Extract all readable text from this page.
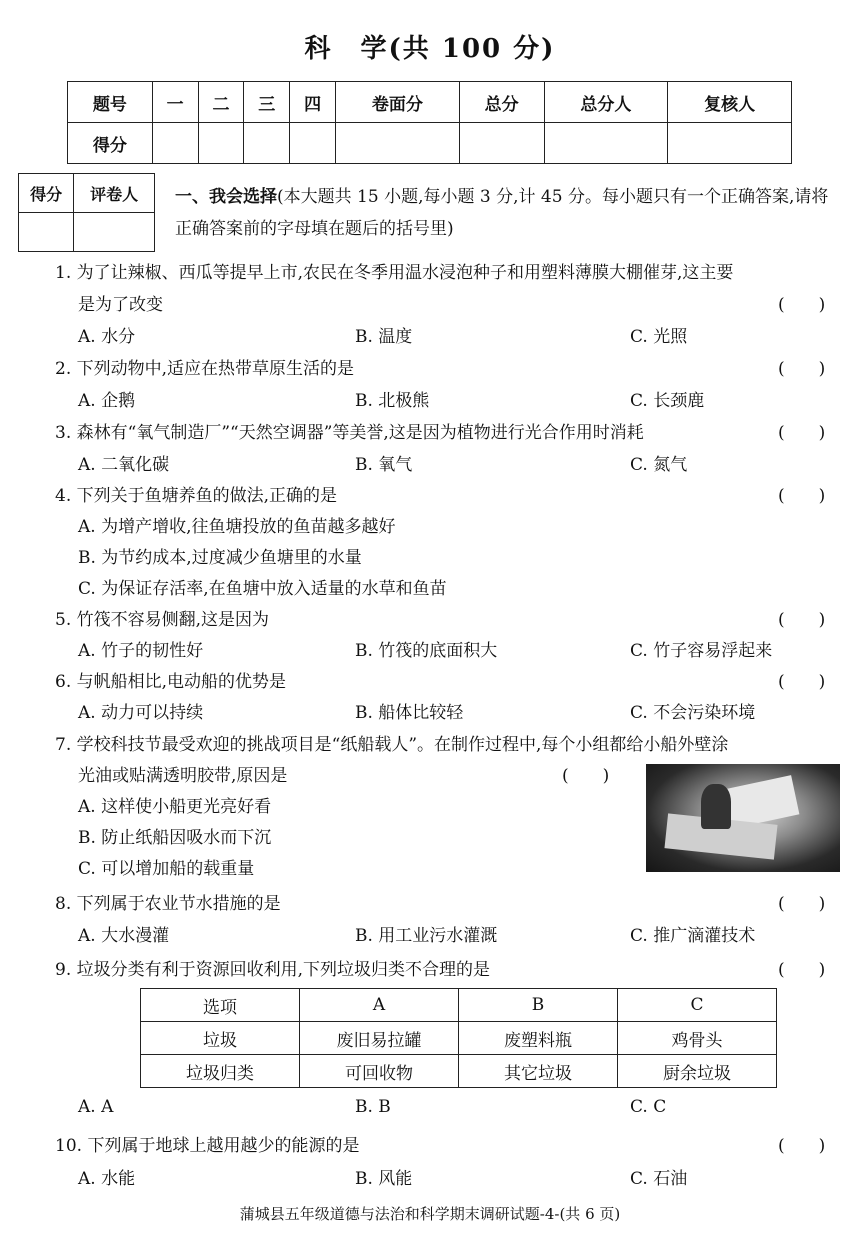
科　学(共 100 分)
题号	一	二	三	四	卷面分	总分	总分人	复核人
得分								
得分	评卷人
	一、我会选择(本大题共 15 小题,每小题 3 分,计 45 分。每小题只有一个正确答案,请将正确答案前的字母填在题后的括号里)
1. 为了让辣椒、西瓜等提早上市,农民在冬季用温水浸泡种子和用塑料薄膜大棚催芽,这主要
是为了改变	(　　)
A. 水分	B. 温度	C. 光照
2. 下列动物中,适应在热带草原生活的是	(　　)
A. 企鹅	B. 北极熊	C. 长颈鹿
3. 森林有“氧气制造厂”“天然空调器”等美誉,这是因为植物进行光合作用时消耗	(　　)
A. 二氧化碳	B. 氧气	C. 氮气
4. 下列关于鱼塘养鱼的做法,正确的是	(　　)
A. 为增产增收,往鱼塘投放的鱼苗越多越好
B. 为节约成本,过度减少鱼塘里的水量
C. 为保证存活率,在鱼塘中放入适量的水草和鱼苗
5. 竹筏不容易侧翻,这是因为	(　　)
A. 竹子的韧性好	B. 竹筏的底面积大	C. 竹子容易浮起来
6. 与帆船相比,电动船的优势是	(　　)
A. 动力可以持续	B. 船体比较轻	C. 不会污染环境
7. 学校科技节最受欢迎的挑战项目是“纸船载人”。在制作过程中,每个小组都给小船外壁涂
光油或贴满透明胶带,原因是	(　　)
A. 这样使小船更光亮好看
B. 防止纸船因吸水而下沉
C. 可以增加船的载重量
8. 下列属于农业节水措施的是	(　　)
A. 大水漫灌	B. 用工业污水灌溉	C. 推广滴灌技术
9. 垃圾分类有利于资源回收利用,下列垃圾归类不合理的是	(　　)
选项	A	B	C
垃圾	废旧易拉罐	废塑料瓶	鸡骨头
垃圾归类	可回收物	其它垃圾	厨余垃圾
A. A	B. B	C. C
10. 下列属于地球上越用越少的能源的是	(　　)
A. 水能	B. 风能	C. 石油
蒲城县五年级道德与法治和科学期末调研试题-4-(共 6 页)
